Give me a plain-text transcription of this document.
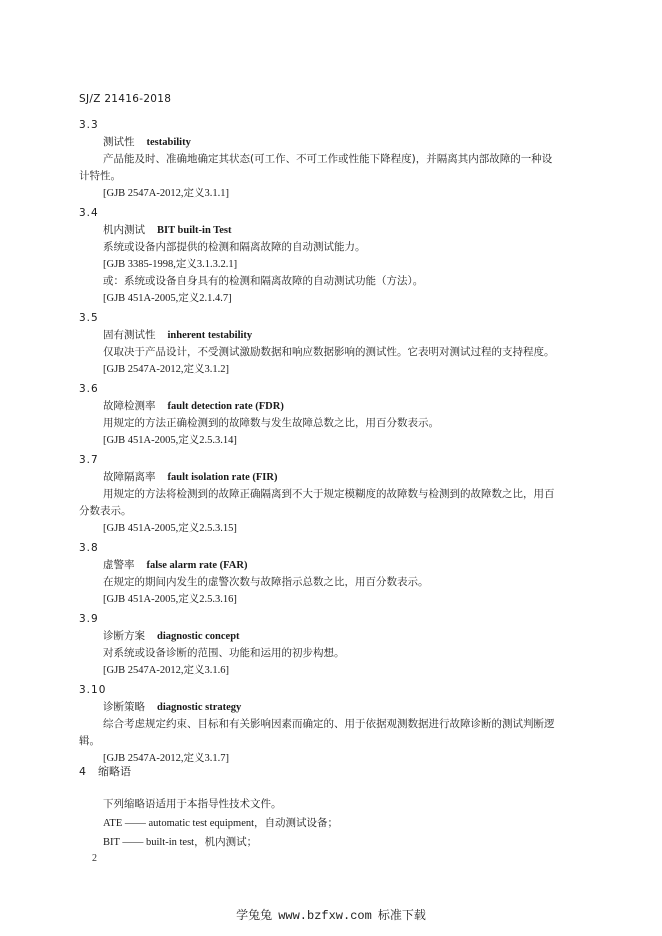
SJ/Z 21416-2018
3.3
测试性 testability
产品能及时、准确地确定其状态(可工作、不可工作或性能下降程度)，并隔离其内部故障的一种设
计特性。
[GJB 2547A-2012,定义3.1.1]
3.4
机内测试 BIT built-in Test
系统或设备内部提供的检测和隔离故障的自动测试能力。
[GJB 3385-1998,定义3.1.3.2.1]
或：系统或设备自身具有的检测和隔离故障的自动测试功能（方法）。
[GJB 451A-2005,定义2.1.4.7]
3.5
固有测试性 inherent testability
仅取决于产品设计，不受测试激励数据和响应数据影响的测试性。它表明对测试过程的支持程度。
[GJB 2547A-2012,定义3.1.2]
3.6
故障检测率 fault detection rate (FDR)
用规定的方法正确检测到的故障数与发生故障总数之比，用百分数表示。
[GJB 451A-2005,定义2.5.3.14]
3.7
故障隔离率 fault isolation rate (FIR)
用规定的方法将检测到的故障正确隔离到不大于规定模糊度的故障数与检测到的故障数之比，用百
分数表示。
[GJB 451A-2005,定义2.5.3.15]
3.8
虚警率 false alarm rate (FAR)
在规定的期间内发生的虚警次数与故障指示总数之比，用百分数表示。
[GJB 451A-2005,定义2.5.3.16]
3.9
诊断方案 diagnostic concept
对系统或设备诊断的范围、功能和运用的初步构想。
[GJB 2547A-2012,定义3.1.6]
3.10
诊断策略 diagnostic strategy
综合考虑规定约束、目标和有关影响因素而确定的、用于依据观测数据进行故障诊断的测试判断逻
辑。
[GJB 2547A-2012,定义3.1.7]
4 缩略语
下列缩略语适用于本指导性技术文件。
ATE —— automatic test equipment，自动测试设备；
BIT —— built-in test，机内测试；
2
学兔兔 www.bzfxw.com 标准下载
